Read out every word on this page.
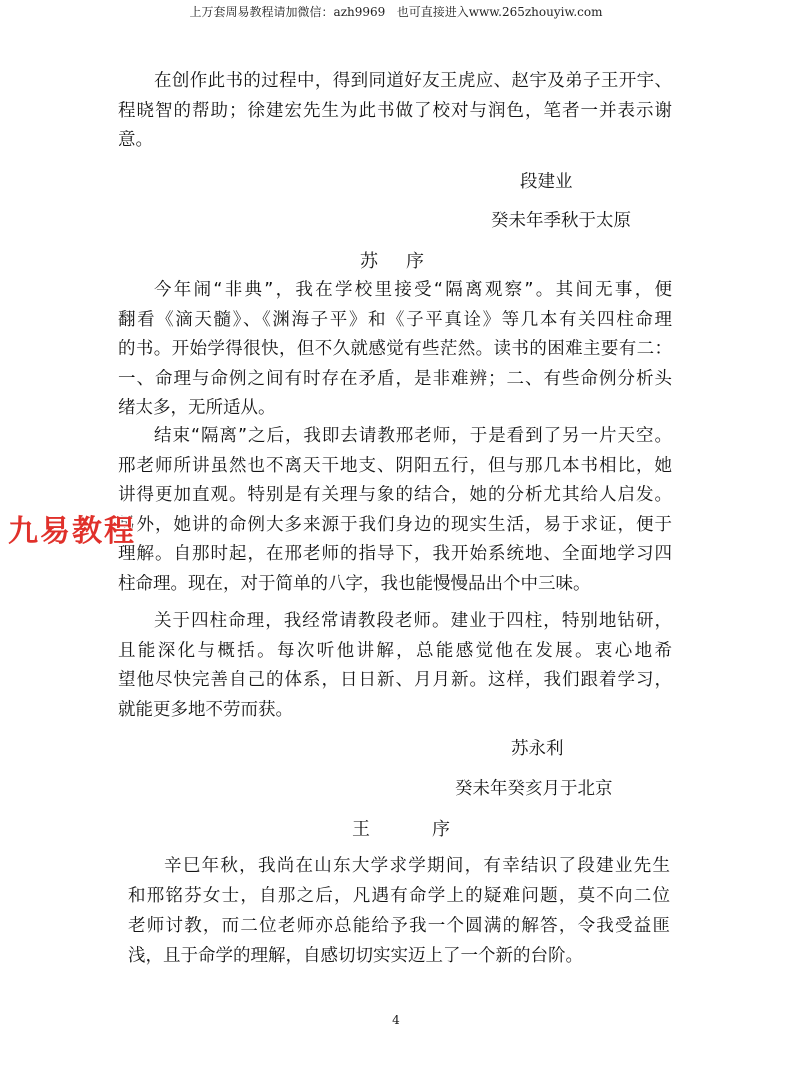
上万套周易教程请加微信：azh9969   也可直接进入www.265zhouyiw.com
在创作此书的过程中，得到同道好友王虎应、赵宇及弟子王开宇、
程晓智的帮助；徐建宏先生为此书做了校对与润色，笔者一并表示谢
意。
段建业
癸未年季秋于太原
苏　序
今年闹“非典”，我在学校里接受“隔离观察”。其间无事，便
翻看《滴天髓》、《渊海子平》和《子平真诠》等几本有关四柱命理
的书。开始学得很快，但不久就感觉有些茫然。读书的困难主要有二：
一、命理与命例之间有时存在矛盾，是非难辨；二、有些命例分析头
绪太多，无所适从。
结束“隔离”之后，我即去请教邢老师，于是看到了另一片天空。
邢老师所讲虽然也不离天干地支、阴阳五行，但与那几本书相比，她
讲得更加直观。特别是有关理与象的结合，她的分析尤其给人启发。
另外，她讲的命例大多来源于我们身边的现实生活，易于求证，便于
理解。自那时起，在邢老师的指导下，我开始系统地、全面地学习四
柱命理。现在，对于简单的八字，我也能慢慢品出个中三味。
关于四柱命理，我经常请教段老师。建业于四柱，特别地钻研，
且能深化与概括。每次听他讲解，总能感觉他在发展。衷心地希
望他尽快完善自己的体系，日日新、月月新。这样，我们跟着学习，
就能更多地不劳而获。
苏永利
癸未年癸亥月于北京
王　　　序
辛巳年秋，我尚在山东大学求学期间，有幸结识了段建业先生
和邢铭芬女士，自那之后，凡遇有命学上的疑难问题，莫不向二位
老师讨教，而二位老师亦总能给予我一个圆满的解答，令我受益匪
浅，且于命学的理解，自感切切实实迈上了一个新的台阶。
九易教程
4
